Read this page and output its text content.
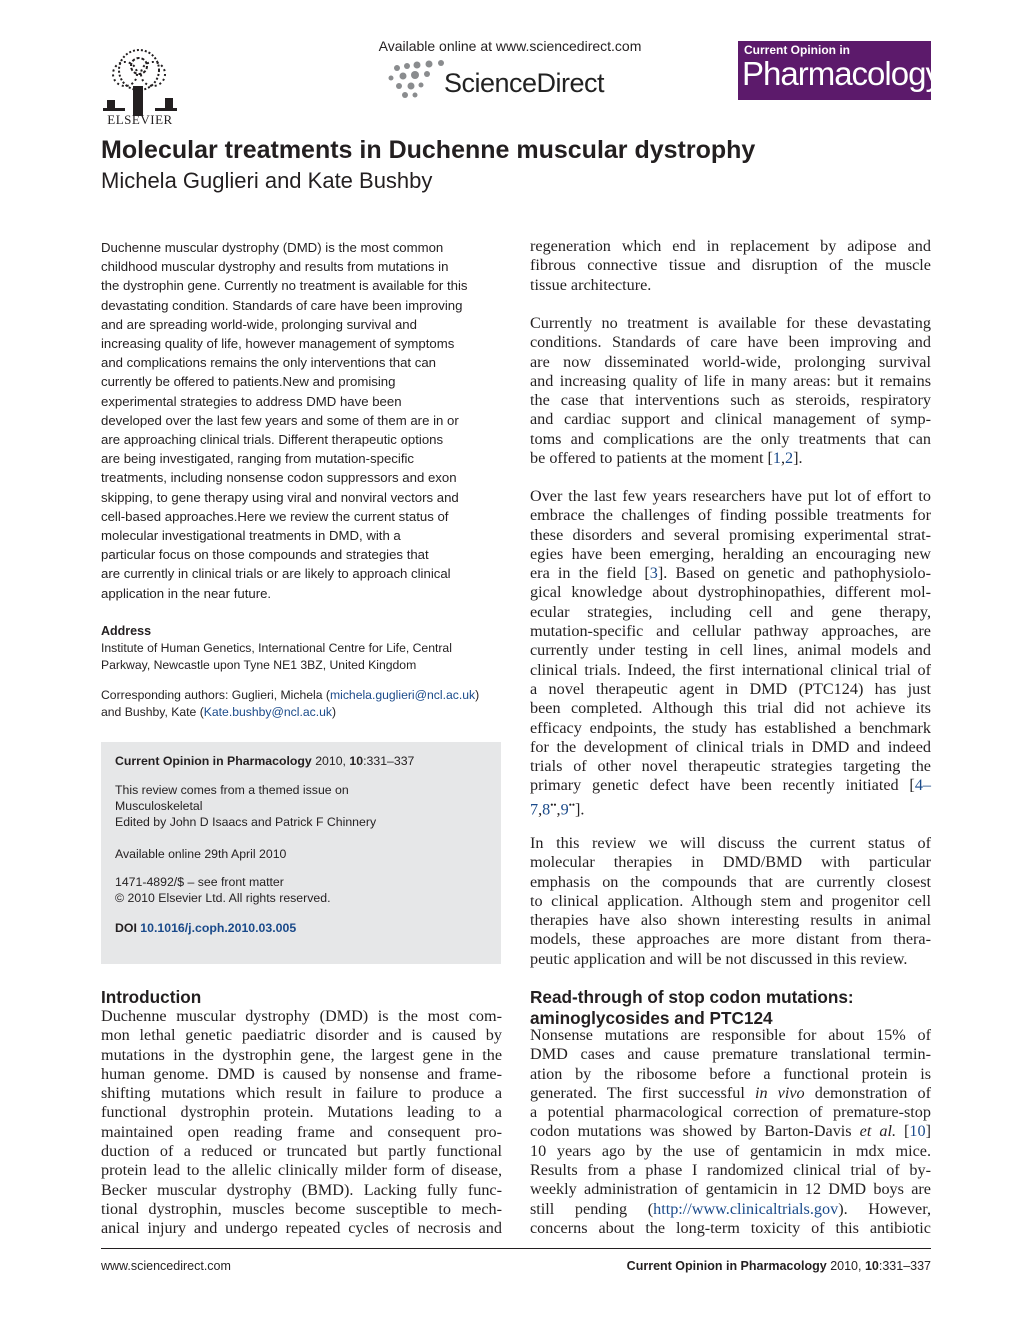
ELSEVIER
Available online at www.sciencedirect.com
ScienceDirect
Current Opinion in
Pharmacology
Molecular treatments in Duchenne muscular dystrophy
Michela Guglieri and Kate Bushby
Duchenne muscular dystrophy (DMD) is the most common
childhood muscular dystrophy and results from mutations in
the dystrophin gene. Currently no treatment is available for this
devastating condition. Standards of care have been improving
and are spreading world-wide, prolonging survival and
increasing quality of life, however management of symptoms
and complications remains the only interventions that can
currently be offered to patients.New and promising
experimental strategies to address DMD have been
developed over the last few years and some of them are in or
are approaching clinical trials. Different therapeutic options
are being investigated, ranging from mutation-specific
treatments, including nonsense codon suppressors and exon
skipping, to gene therapy using viral and nonviral vectors and
cell-based approaches.Here we review the current status of
molecular investigational treatments in DMD, with a
particular focus on those compounds and strategies that
are currently in clinical trials or are likely to approach clinical
application in the near future.
Address
Institute of Human Genetics, International Centre for Life, Central
Parkway, Newcastle upon Tyne NE1 3BZ, United Kingdom
Corresponding authors: Guglieri, Michela (michela.guglieri@ncl.ac.uk)
and Bushby, Kate (Kate.bushby@ncl.ac.uk)
Current Opinion in Pharmacology 2010, 10:331–337
This review comes from a themed issue on
Musculoskeletal
Edited by John D Isaacs and Patrick F Chinnery
Available online 29th April 2010
1471-4892/$ – see front matter
© 2010 Elsevier Ltd. All rights reserved.
DOI 10.1016/j.coph.2010.03.005
Introduction
Duchenne muscular dystrophy (DMD) is the most com-
mon lethal genetic paediatric disorder and is caused by
mutations in the dystrophin gene, the largest gene in the
human genome. DMD is caused by nonsense and frame-
shifting mutations which result in failure to produce a
functional dystrophin protein. Mutations leading to a
maintained open reading frame and consequent pro-
duction of a reduced or truncated but partly functional
protein lead to the allelic clinically milder form of disease,
Becker muscular dystrophy (BMD). Lacking fully func-
tional dystrophin, muscles become susceptible to mech-
anical injury and undergo repeated cycles of necrosis and
regeneration which end in replacement by adipose and
fibrous connective tissue and disruption of the muscle
tissue architecture.
Currently no treatment is available for these devastating
conditions. Standards of care have been improving and
are now disseminated world-wide, prolonging survival
and increasing quality of life in many areas: but it remains
the case that interventions such as steroids, respiratory
and cardiac support and clinical management of symp-
toms and complications are the only treatments that can
be offered to patients at the moment [1,2].
Over the last few years researchers have put lot of effort to
embrace the challenges of finding possible treatments for
these disorders and several promising experimental strat-
egies have been emerging, heralding an encouraging new
era in the field [3]. Based on genetic and pathophysiolo-
gical knowledge about dystrophinopathies, different mol-
ecular strategies, including cell and gene therapy,
mutation-specific and cellular pathway approaches, are
currently under testing in cell lines, animal models and
clinical trials. Indeed, the first international clinical trial of
a novel therapeutic agent in DMD (PTC124) has just
been completed. Although this trial did not achieve its
efficacy endpoints, the study has established a benchmark
for the development of clinical trials in DMD and indeed
trials of other novel therapeutic strategies targeting the
primary genetic defect have been recently initiated [4–
7,8••,9••].
In this review we will discuss the current status of
molecular therapies in DMD/BMD with particular
emphasis on the compounds that are currently closest
to clinical application. Although stem and progenitor cell
therapies have also shown interesting results in animal
models, these approaches are more distant from thera-
peutic application and will be not discussed in this review.
Read-through of stop codon mutations:
aminoglycosides and PTC124
Nonsense mutations are responsible for about 15% of
DMD cases and cause premature translational termin-
ation by the ribosome before a functional protein is
generated. The first successful in vivo demonstration of
a potential pharmacological correction of premature-stop
codon mutations was showed by Barton-Davis et al. [10]
10 years ago by the use of gentamicin in mdx mice.
Results from a phase I randomized clinical trial of by-
weekly administration of gentamicin in 12 DMD boys are
still pending (http://www.clinicaltrials.gov). However,
concerns about the long-term toxicity of this antibiotic
www.sciencedirect.com	Current Opinion in Pharmacology 2010, 10:331–337
